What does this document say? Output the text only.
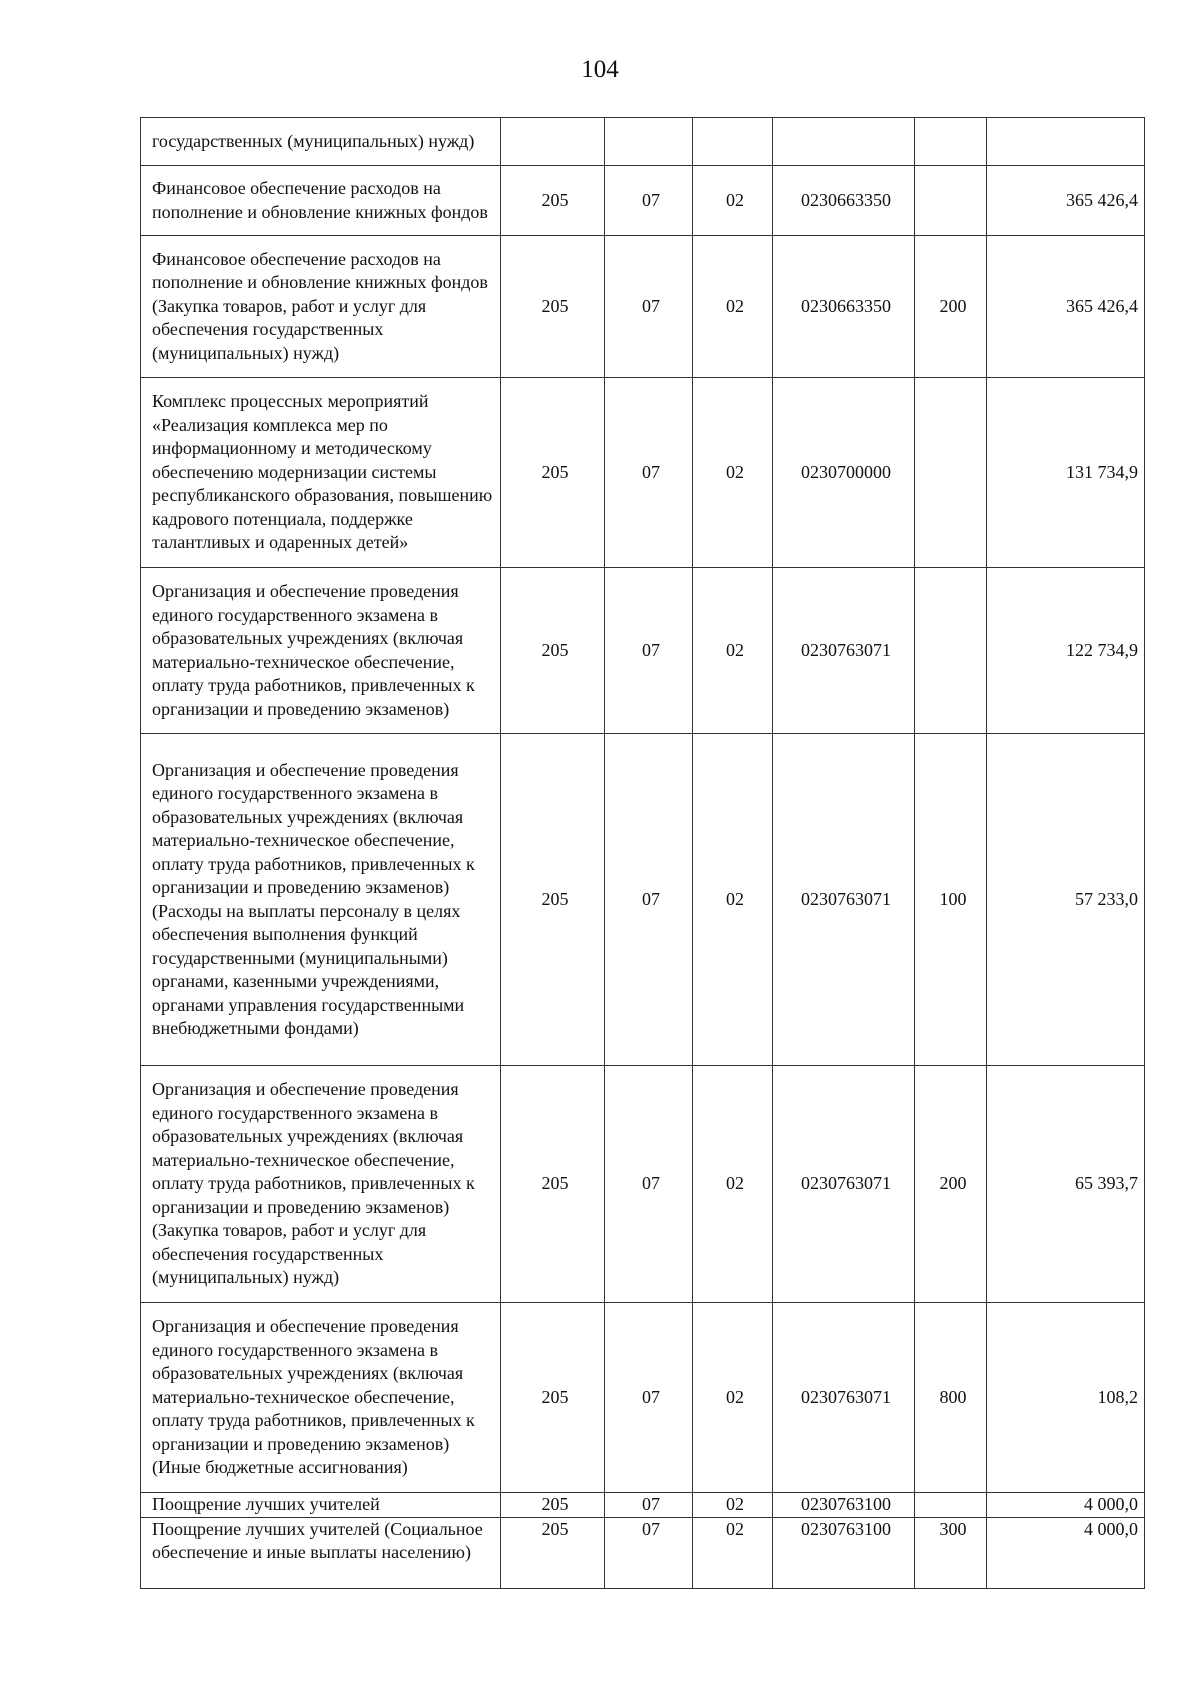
104
государственных (муниципальных) нужд)						
Финансовое обеспечение расходов на пополнение и обновление книжных фондов	205	07	02	0230663350		365 426,4
Финансовое обеспечение расходов на пополнение и обновление книжных фондов (Закупка товаров, работ и услуг для обеспечения государственных (муниципальных) нужд)	205	07	02	0230663350	200	365 426,4
Комплекс процессных мероприятий «Реализация комплекса мер по информационному и методическому обеспечению модернизации системы республиканского образования, повышению кадрового потенциала, поддержке талантливых и одаренных детей»	205	07	02	0230700000		131 734,9
Организация и обеспечение проведения единого государственного экзамена в образовательных учреждениях (включая материально-техническое обеспечение, оплату труда работников, привлеченных к организации и проведению экзаменов)	205	07	02	0230763071		122 734,9
Организация и обеспечение проведения единого государственного экзамена в образовательных учреждениях (включая материально-техническое обеспечение, оплату труда работников, привлеченных к организации и проведению экзаменов) (Расходы на выплаты персоналу в целях обеспечения выполнения функций государственными (муниципальными) органами, казенными учреждениями, органами управления государственными внебюджетными фондами)	205	07	02	0230763071	100	57 233,0
Организация и обеспечение проведения единого государственного экзамена в образовательных учреждениях (включая материально-техническое обеспечение, оплату труда работников, привлеченных к организации и проведению экзаменов) (Закупка товаров, работ и услуг для обеспечения государственных (муниципальных) нужд)	205	07	02	0230763071	200	65 393,7
Организация и обеспечение проведения единого государственного экзамена в образовательных учреждениях (включая материально-техническое обеспечение, оплату труда работников, привлеченных к организации и проведению экзаменов) (Иные бюджетные ассигнования)	205	07	02	0230763071	800	108,2
Поощрение лучших учителей	205	07	02	0230763100		4 000,0
Поощрение лучших учителей (Социальное обеспечение и иные выплаты населению)	205	07	02	0230763100	300	4 000,0
